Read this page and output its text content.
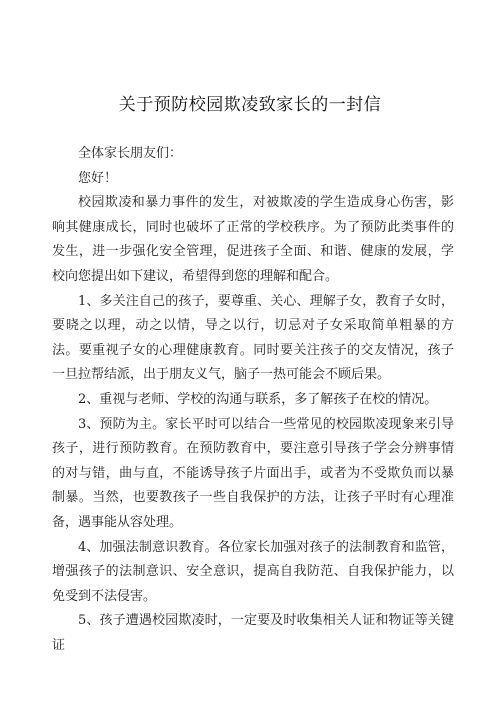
关于预防校园欺凌致家长的一封信

全体家长朋友们：

您好！

校园欺凌和暴力事件的发生，对被欺凌的学生造成身心伤害，影响其健康成长，同时也破坏了正常的学校秩序。为了预防此类事件的发生，进一步强化安全管理，促进孩子全面、和谐、健康的发展，学校向您提出如下建议，希望得到您的理解和配合。

1、多关注自己的孩子，要尊重、关心、理解子女，教育子女时，要晓之以理，动之以情，导之以行，切忌对子女采取简单粗暴的方法。要重视子女的心理健康教育。同时要关注孩子的交友情况，孩子一旦拉帮结派，出于朋友义气，脑子一热可能会不顾后果。

2、重视与老师、学校的沟通与联系，多了解孩子在校的情况。

3、预防为主。家长平时可以结合一些常见的校园欺凌现象来引导孩子，进行预防教育。在预防教育中，要注意引导孩子学会分辨事情的对与错，曲与直，不能诱导孩子片面出手，或者为不受欺负而以暴制暴。当然，也要教孩子一些自我保护的方法，让孩子平时有心理准备，遇事能从容处理。

4、加强法制意识教育。各位家长加强对孩子的法制教育和监管，增强孩子的法制意识、安全意识，提高自我防范、自我保护能力，以免受到不法侵害。

5、孩子遭遇校园欺凌时，一定要及时收集相关人证和物证等关键证
